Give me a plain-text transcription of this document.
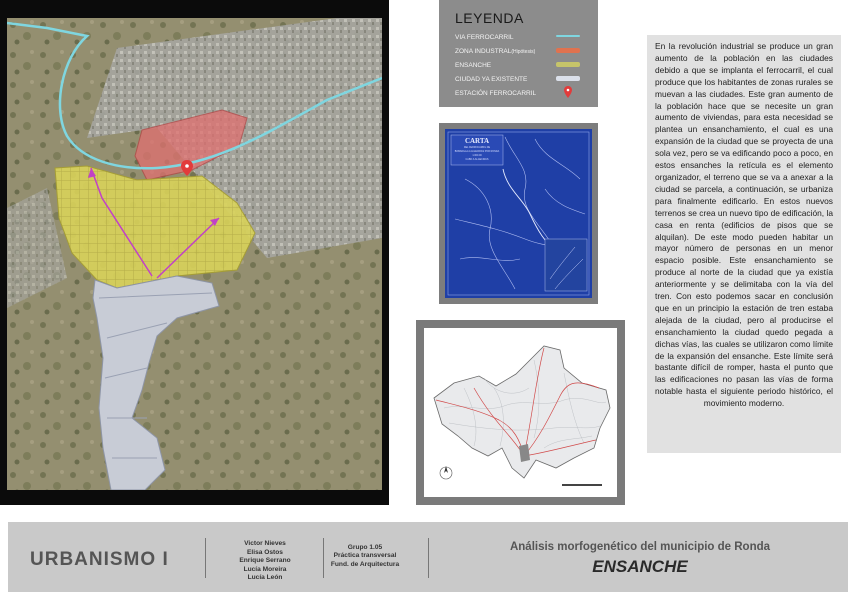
LEYENDA
VIA FERROCARRIL
ZONA INDUSTRAL(Hipótesis)
ENSANCHE
CIUDAD YA EXISTENTE
ESTACIÓN FERROCARRIL
CARTA
DEL FERROCARRIL DE
BOBADILLA A ALGECIRAS POR RONDA
1.000.00
CABO A ALGECIRAS

En la revolución industrial se produce un gran aumento de la población en las ciudades debido a que se implanta el ferrocarril, el cual produce que los habitantes de zonas rurales se muevan a las ciudades. Este gran aumento de la población hace que se necesite un gran aumento de viviendas, para esta necesidad se plantea un ensanchamiento, el cual es una expansión de la ciudad que se proyecta de una sola vez, pero se va edificando poco a poco, en estos ensanches la retícula es el elemento organizador, el terreno que se va a anexar a la ciudad se parcela, a continuación, se urbaniza para finalmente edificarlo. En estos nuevos terrenos se crea un nuevo tipo de edificación, la casa en renta (edificios de pisos que se alquilan). De este modo pueden habitar un mayor número de personas en un menor espacio posible. Este ensanchamiento se produce al norte de la ciudad que ya existía anteriormente y se delimitaba con la vía del tren. Con esto podemos sacar en conclusión que en un principio la estación de tren estaba alejada de la ciudad, pero al producirse el ensanchamiento la ciudad quedo pegada a dichas vías, las cuales se utilizaron como límite de la expansión del ensanche. Este límite será bastante difícil de romper, hasta el punto que las edificaciones no pasan las vías de forma notable hasta el siguiente periodo histórico, el movimiento moderno.

URBANISMO I
Victor Nieves
Elisa Ostos
Enrique Serrano
Lucía Moreira
Lucía León
Grupo 1.05
Práctica transversal
Fund. de Arquitectura
Análisis morfogenético del municipio de Ronda
ENSANCHE
